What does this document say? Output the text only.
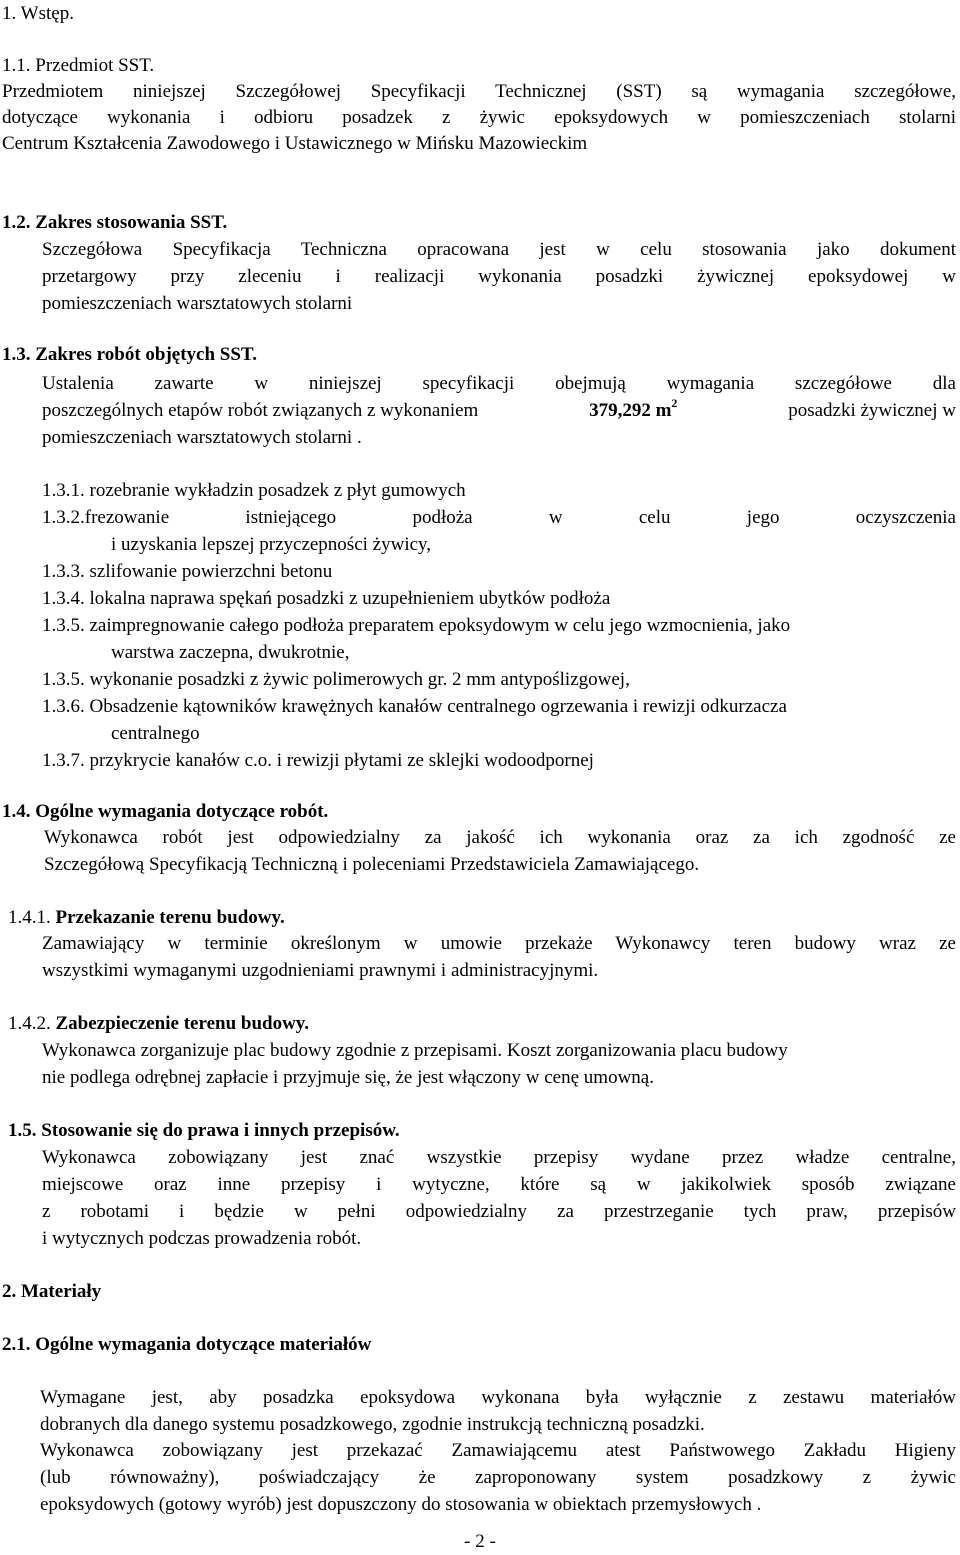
1. Wstęp.

1.1. Przedmiot SST.

Przedmiotem niniejszej Szczegółowej Specyfikacji Technicznej (SST) są wymagania szczegółowe,

dotyczące wykonania i odbioru posadzek z żywic epoksydowych w pomieszczeniach stolarni

Centrum Kształcenia Zawodowego i Ustawicznego w Mińsku Mazowieckim

1.2. Zakres stosowania SST.

Szczegółowa Specyfikacja Techniczna opracowana jest w celu stosowania jako dokument

przetargowy przy zleceniu i realizacji wykonania posadzki żywicznej epoksydowej w

pomieszczeniach warsztatowych stolarni

1.3. Zakres robót objętych SST.

Ustalenia zawarte w niniejszej specyfikacji obejmują wymagania szczegółowe dla

poszczególnych etapów robót związanych z wykonaniem	379,292 $m^2$	posadzki żywicznej w

pomieszczeniach warsztatowych stolarni .

1.3.1. rozebranie wykładzin posadzek z płyt gumowych

1.3.2.frezowanie istniejącego podłoża w celu jego oczyszczenia

i uzyskania lepszej przyczepności żywicy,

1.3.3. szlifowanie powierzchni betonu

1.3.4. lokalna naprawa spękań posadzki z uzupełnieniem ubytków podłoża

1.3.5. zaimpregnowanie całego podłoża preparatem epoksydowym w celu jego wzmocnienia, jako

warstwa zaczepna, dwukrotnie,

1.3.5. wykonanie posadzki z żywic polimerowych gr. 2 mm antypoślizgowej,

1.3.6. Obsadzenie kątowników krawężnych kanałów centralnego ogrzewania i rewizji odkurzacza

centralnego

1.3.7. przykrycie kanałów c.o. i rewizji płytami ze sklejki wodoodpornej

1.4. Ogólne wymagania dotyczące robót.

Wykonawca robót jest odpowiedzialny za jakość ich wykonania oraz za ich zgodność ze

Szczegółową Specyfikacją Techniczną i poleceniami Przedstawiciela Zamawiającego.

1.4.1. Przekazanie terenu budowy.

Zamawiający w terminie określonym w umowie przekaże Wykonawcy teren budowy wraz ze

wszystkimi wymaganymi uzgodnieniami prawnymi i administracyjnymi.

1.4.2. Zabezpieczenie terenu budowy.

Wykonawca zorganizuje plac budowy zgodnie z przepisami. Koszt zorganizowania placu budowy

nie podlega odrębnej zapłacie i przyjmuje się, że jest włączony w cenę umowną.

1.5. Stosowanie się do prawa i innych przepisów.

Wykonawca zobowiązany jest znać wszystkie przepisy wydane przez władze centralne,

miejscowe oraz inne przepisy i wytyczne, które są w jakikolwiek sposób związane

z robotami i będzie w pełni odpowiedzialny za przestrzeganie tych praw, przepisów

i wytycznych podczas prowadzenia robót.

2. Materiały

2.1. Ogólne wymagania dotyczące materiałów

Wymagane jest, aby posadzka epoksydowa wykonana była wyłącznie z zestawu materiałów

dobranych dla danego systemu posadzkowego, zgodnie instrukcją techniczną posadzki.

Wykonawca zobowiązany jest przekazać Zamawiającemu atest Państwowego Zakładu Higieny

(lub równoważny), poświadczający że zaproponowany system posadzkowy z żywic

epoksydowych (gotowy wyrób) jest dopuszczony do stosowania w obiektach przemysłowych .

- 2 -
